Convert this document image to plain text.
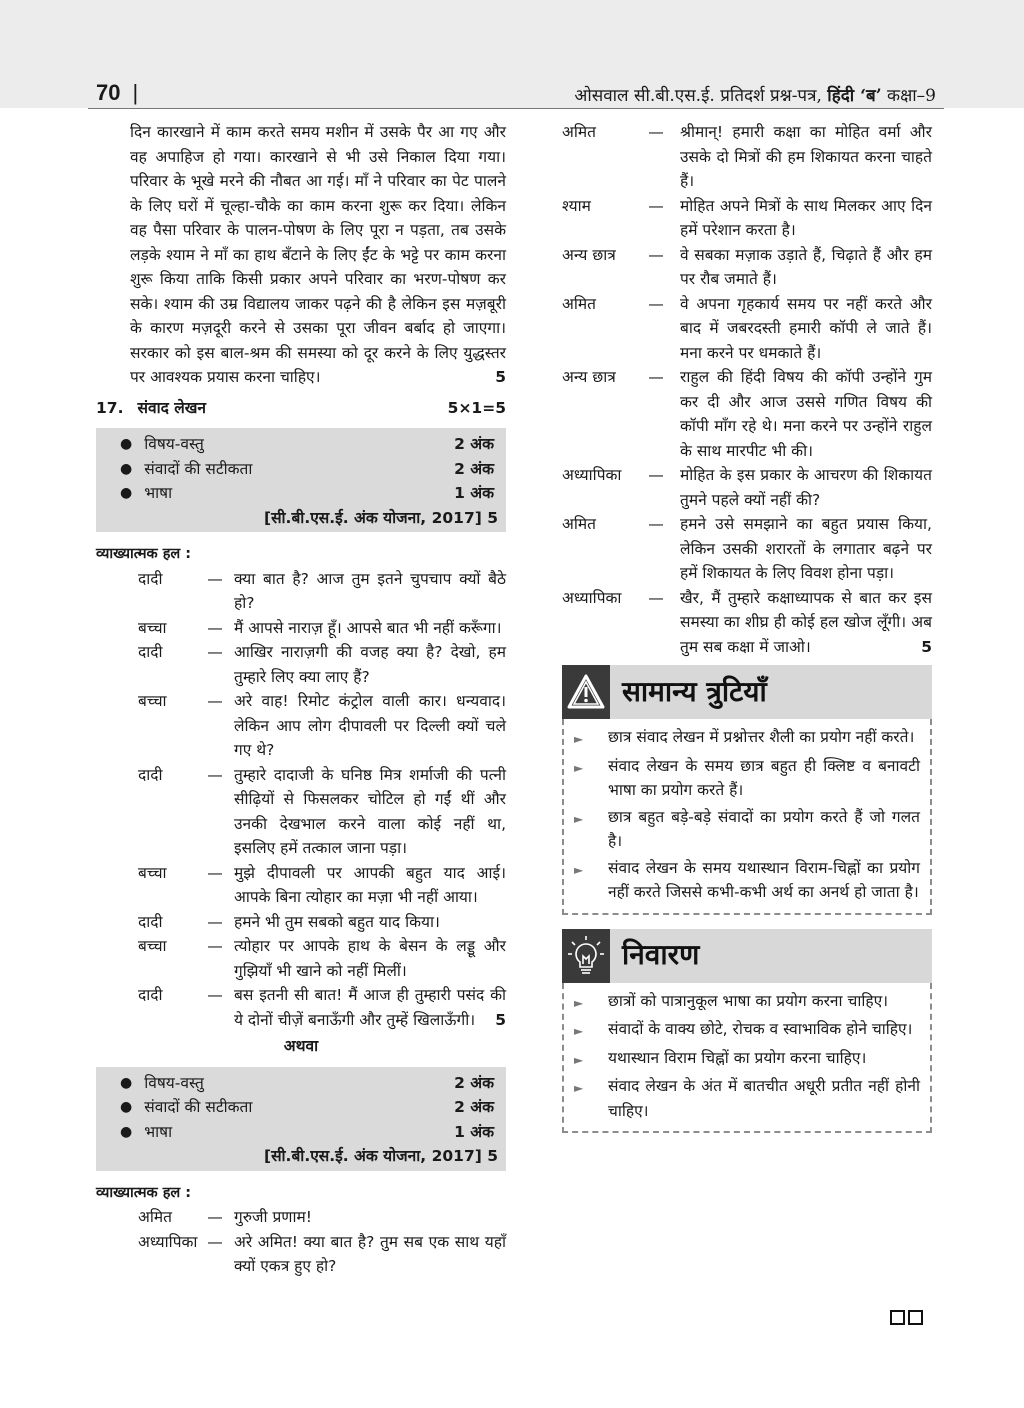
70 |	ओसवाल सी.बी.एस.ई. प्रतिदर्श प्रश्न-पत्र, हिंदी ‘ब’ कक्षा–9

दिन कारखाने में काम करते समय मशीन में उसके पैर आ गए और वह अपाहिज हो गया। कारखाने से भी उसे निकाल दिया गया। परिवार के भूखे मरने की नौबत आ गई। माँ ने परिवार का पेट पालने के लिए घरों में चूल्हा-चौके का काम करना शुरू कर दिया। लेकिन वह पैसा परिवार के पालन-पोषण के लिए पूरा न पड़ता, तब उसके लड़के श्याम ने माँ का हाथ बँटाने के लिए ईंट के भट्टे पर काम करना शुरू किया ताकि किसी प्रकार अपने परिवार का भरण-पोषण कर सके। श्याम की उम्र विद्यालय जाकर पढ़ने की है लेकिन इस मज़बूरी के कारण मज़दूरी करने से उसका पूरा जीवन बर्बाद हो जाएगा। सरकार को इस बाल-श्रम की समस्या को दूर करने के लिए युद्धस्तर पर आवश्यक प्रयास करना चाहिए।	5

17. संवाद लेखन	5×1=5
● विषय-वस्तु	2 अंक
● संवादों की सटीकता	2 अंक
● भाषा	1 अंक
[सी.बी.एस.ई. अंक योजना, 2017] 5
व्याख्यात्मक हल :
दादी	— क्या बात है? आज तुम इतने चुपचाप क्यों बैठे हो?
बच्चा	— मैं आपसे नाराज़ हूँ। आपसे बात भी नहीं करूँगा।
दादी	— आखिर नाराज़गी की वजह क्या है? देखो, हम तुम्हारे लिए क्या लाए हैं?
बच्चा	— अरे वाह! रिमोट कंट्रोल वाली कार। धन्यवाद। लेकिन आप लोग दीपावली पर दिल्ली क्यों चले गए थे?
दादी	— तुम्हारे दादाजी के घनिष्ठ मित्र शर्माजी की पत्नी सीढ़ियों से फिसलकर चोटिल हो गईं थीं और उनकी देखभाल करने वाला कोई नहीं था, इसलिए हमें तत्काल जाना पड़ा।
बच्चा	— मुझे दीपावली पर आपकी बहुत याद आई। आपके बिना त्योहार का मज़ा भी नहीं आया।
दादी	— हमने भी तुम सबको बहुत याद किया।
बच्चा	— त्योहार पर आपके हाथ के बेसन के लड्डू और गुझियाँ भी खाने को नहीं मिलीं।
दादी	— बस इतनी सी बात! मैं आज ही तुम्हारी पसंद की ये दोनों चीज़ें बनाऊँगी और तुम्हें खिलाऊँगी। 5
अथवा
● विषय-वस्तु	2 अंक
● संवादों की सटीकता	2 अंक
● भाषा	1 अंक
[सी.बी.एस.ई. अंक योजना, 2017] 5
व्याख्यात्मक हल :
अमित	— गुरुजी प्रणाम!
अध्यापिका — अरे अमित! क्या बात है? तुम सब एक साथ यहाँ क्यों एकत्र हुए हो?
अमित	—	श्रीमान्! हमारी कक्षा का मोहित वर्मा और उसके दो मित्रों की हम शिकायत करना चाहते हैं।
श्याम	—	मोहित अपने मित्रों के साथ मिलकर आए दिन हमें परेशान करता है।
अन्य छात्र	—	वे सबका मज़ाक उड़ाते हैं, चिढ़ाते हैं और हम पर रौब जमाते हैं।
अमित	—	वे अपना गृहकार्य समय पर नहीं करते और बाद में जबरदस्ती हमारी कॉपी ले जाते हैं। मना करने पर धमकाते हैं।
अन्य छात्र	—	राहुल की हिंदी विषय की कॉपी उन्होंने गुम कर दी और आज उससे गणित विषय की कॉपी माँग रहे थे। मना करने पर उन्होंने राहुल के साथ मारपीट भी की।
अध्यापिका	—	मोहित के इस प्रकार के आचरण की शिकायत तुमने पहले क्यों नहीं की?
अमित	—	हमने उसे समझाने का बहुत प्रयास किया, लेकिन उसकी शरारतों के लगातार बढ़ने पर हमें शिकायत के लिए विवश होना पड़ा।
अध्यापिका	—	खैर, मैं तुम्हारे कक्षाध्यापक से बात कर इस समस्या का शीघ्र ही कोई हल खोज लूँगी। अब तुम सब कक्षा में जाओ।	5
सामान्य त्रुटियाँ
►	छात्र संवाद लेखन में प्रश्नोत्तर शैली का प्रयोग नहीं करते।
►	संवाद लेखन के समय छात्र बहुत ही क्लिष्ट व बनावटी भाषा का प्रयोग करते हैं।
►	छात्र बहुत बड़े-बड़े संवादों का प्रयोग करते हैं जो गलत है।
►	संवाद लेखन के समय यथास्थान विराम-चिह्नों का प्रयोग नहीं करते जिससे कभी-कभी अर्थ का अनर्थ हो जाता है।
निवारण
►	छात्रों को पात्रानुकूल भाषा का प्रयोग करना चाहिए।
►	संवादों के वाक्य छोटे, रोचक व स्वाभाविक होने चाहिए।
►	यथास्थान विराम चिह्नों का प्रयोग करना चाहिए।
►	संवाद लेखन के अंत में बातचीत अधूरी प्रतीत नहीं होनी चाहिए।
